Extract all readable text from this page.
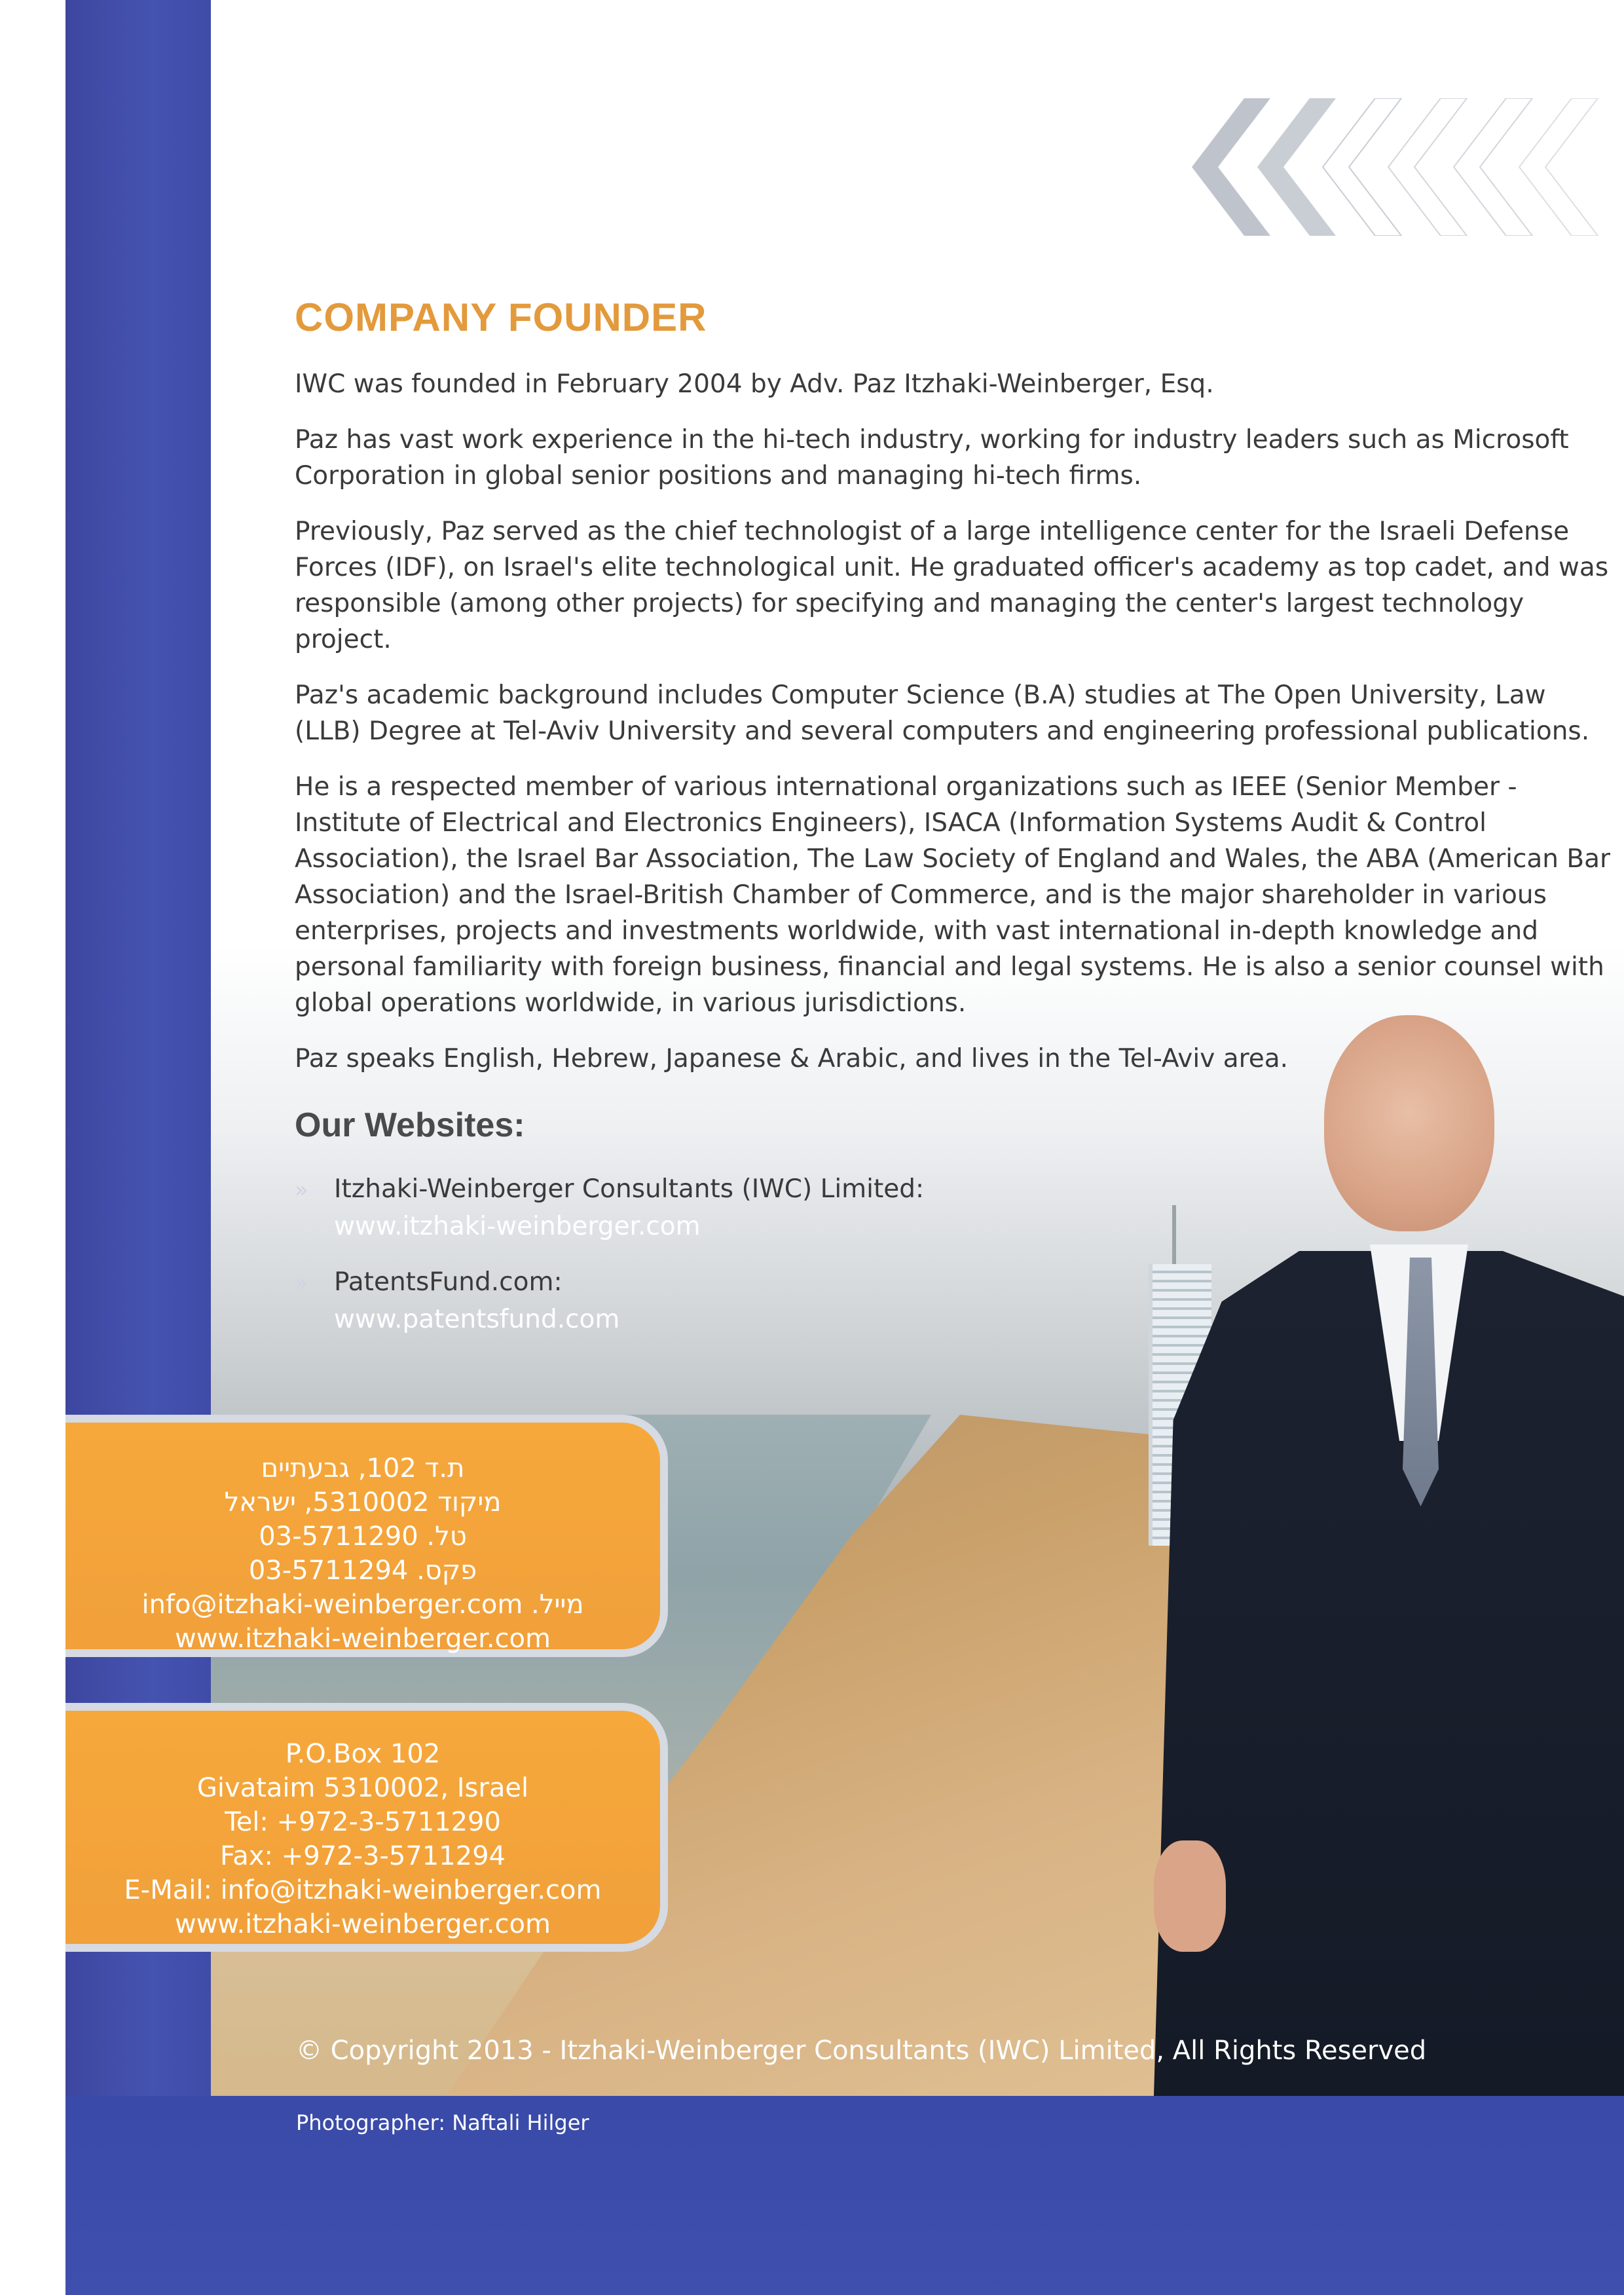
COMPANY FOUNDER

IWC was founded in February 2004 by Adv. Paz Itzhaki-Weinberger, Esq.

Paz has vast work experience in the hi-tech industry, working for industry leaders such as Microsoft Corporation in global senior positions and managing hi-tech firms.

Previously, Paz served as the chief technologist of a large intelligence center for the Israeli Defense Forces (IDF), on Israel's elite technological unit. He graduated officer's academy as top cadet, and was responsible (among other projects) for specifying and managing the center's largest technology project.

Paz's academic background includes Computer Science (B.A) studies at The Open University, Law (LLB) Degree at Tel-Aviv University and several computers and engineering professional publications.

He is a respected member of various international organizations such as IEEE (Senior Member - Institute of Electrical and Electronics Engineers), ISACA (Information Systems Audit & Control Association), the Israel Bar Association, The Law Society of England and Wales, the ABA (American Bar Association) and the Israel-British Chamber of Commerce, and is the major shareholder in various enterprises, projects and investments worldwide, with vast international in-depth knowledge and personal familiarity with foreign business, financial and legal systems. He is also a senior counsel with global operations worldwide, in various jurisdictions.

Paz speaks English, Hebrew, Japanese & Arabic, and lives in the Tel-Aviv area.

Our Websites:
» Itzhaki-Weinberger Consultants (IWC) Limited:
www.itzhaki-weinberger.com
» PatentsFund.com:
www.patentsfund.com
ת.ד 102, גבעתיים
מיקוד 5310002, ישראל
טל. 03-5711290
פקס. 03-5711294
מייל. info@itzhaki-weinberger.com
www.itzhaki-weinberger.com
P.O.Box 102
Givataim 5310002, Israel
Tel: +972-3-5711290
Fax: +972-3-5711294
E-Mail: info@itzhaki-weinberger.com
www.itzhaki-weinberger.com
© Copyright 2013 - Itzhaki-Weinberger Consultants (IWC) Limited, All Rights Reserved
Photographer: Naftali Hilger
